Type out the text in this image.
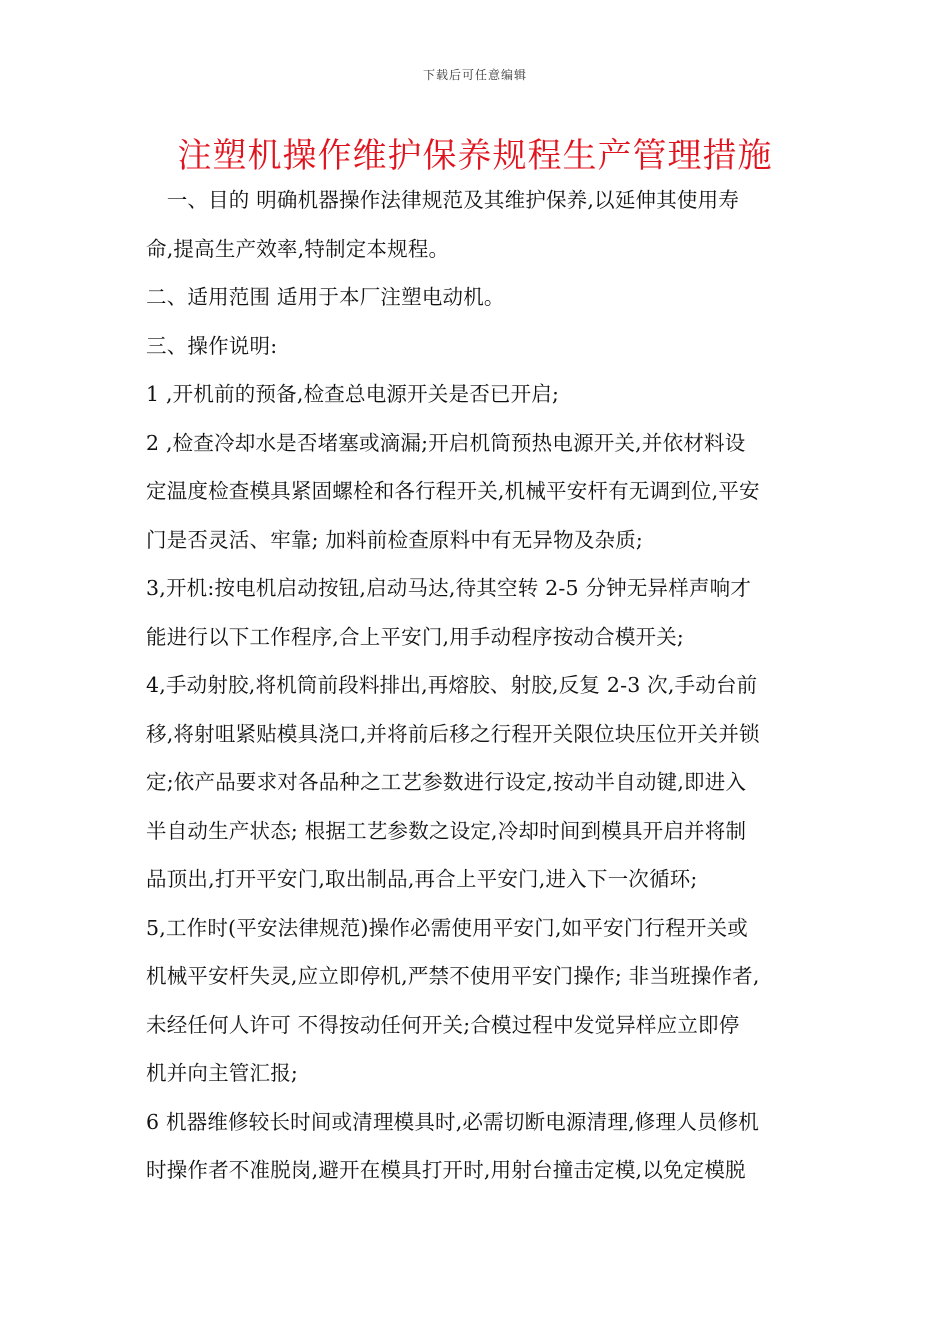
下载后可任意编辑
注塑机操作维护保养规程生产管理措施
　一、目的 明确机器操作法律规范及其维护保养,以延伸其使用寿
命,提高生产效率,特制定本规程。
二、适用范围 适用于本厂注塑电动机。
三、操作说明:
1 ,开机前的预备,检查总电源开关是否已开启;
2 ,检查冷却水是否堵塞或滴漏;开启机筒预热电源开关,并依材料设
定温度检查模具紧固螺栓和各行程开关,机械平安杆有无调到位,平安
门是否灵活、牢靠; 加料前检查原料中有无异物及杂质;
3,开机:按电机启动按钮,启动马达,待其空转 2-5 分钟无异样声响才
能进行以下工作程序,合上平安门,用手动程序按动合模开关;
4,手动射胶,将机筒前段料排出,再熔胶、射胶,反复 2-3 次,手动台前
移,将射咀紧贴模具浇口,并将前后移之行程开关限位块压位开关并锁
定;依产品要求对各品种之工艺参数进行设定,按动半自动键,即进入
半自动生产状态; 根据工艺参数之设定,冷却时间到模具开启并将制
品顶出,打开平安门,取出制品,再合上平安门,进入下一次循环;
5,工作时(平安法律规范)操作必需使用平安门,如平安门行程开关或
机械平安杆失灵,应立即停机,严禁不使用平安门操作; 非当班操作者,
未经任何人许可 不得按动任何开关;合模过程中发觉异样应立即停
机并向主管汇报;
6 机器维修较长时间或清理模具时,必需切断电源清理,修理人员修机
时操作者不准脱岗,避开在模具打开时,用射台撞击定模,以免定模脱
